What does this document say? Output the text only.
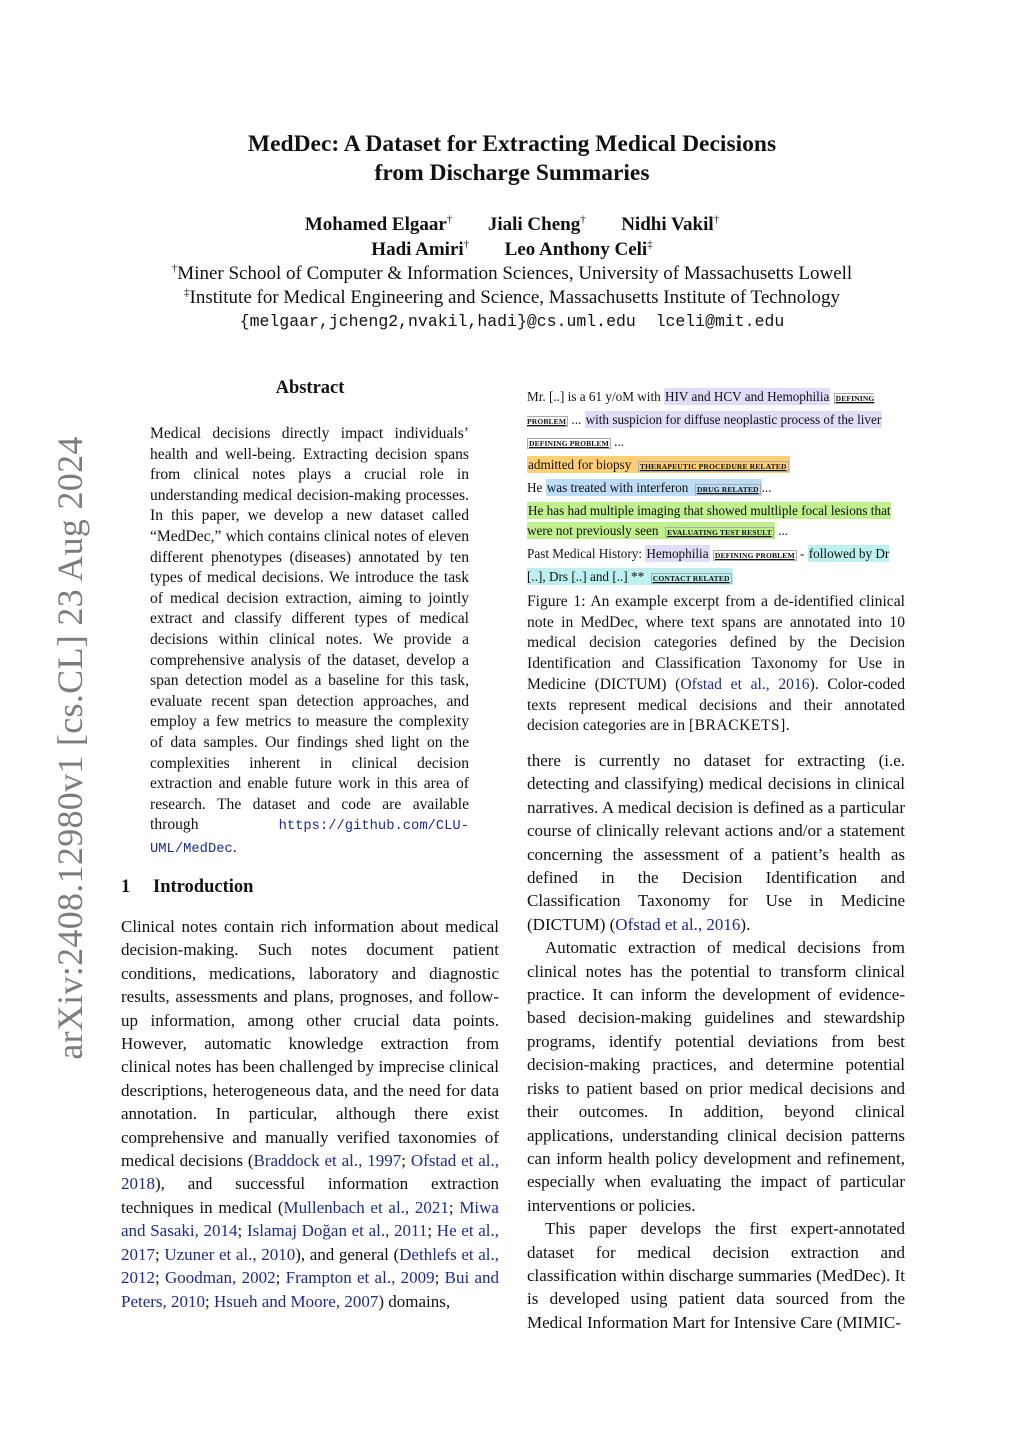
arXiv:2408.12980v1 [cs.CL] 23 Aug 2024
MedDec: A Dataset for Extracting Medical Decisions
from Discharge Summaries
Mohamed Elgaar† Jiali Cheng† Nidhi Vakil†
Hadi Amiri† Leo Anthony Celi‡
†Miner School of Computer & Information Sciences, University of Massachusetts Lowell
‡Institute for Medical Engineering and Science, Massachusetts Institute of Technology
{melgaar,jcheng2,nvakil,hadi}@cs.uml.edu  lceli@mit.edu
Abstract
Medical decisions directly impact individuals’ health and well-being. Extracting decision spans from clinical notes plays a crucial role in understanding medical decision-making processes. In this paper, we develop a new dataset called “MedDec,” which contains clinical notes of eleven different phenotypes (diseases) annotated by ten types of medical decisions. We introduce the task of medical decision extraction, aiming to jointly extract and classify different types of medical decisions within clinical notes. We provide a comprehensive analysis of the dataset, develop a span detection model as a baseline for this task, evaluate recent span detection approaches, and employ a few metrics to measure the complexity of data samples. Our findings shed light on the complexities inherent in clinical decision extraction and enable future work in this area of research. The dataset and code are available through https://github.com/CLU-UML/MedDec.
1 Introduction
Clinical notes contain rich information about medical decision-making. Such notes document patient conditions, medications, laboratory and diagnostic results, assessments and plans, prognoses, and follow-up information, among other crucial data points. However, automatic knowledge extraction from clinical notes has been challenged by imprecise clinical descriptions, heterogeneous data, and the need for data annotation. In particular, although there exist comprehensive and manually verified taxonomies of medical decisions (Braddock et al., 1997; Ofstad et al., 2018), and successful information extraction techniques in medical (Mullenbach et al., 2021; Miwa and Sasaki, 2014; Islamaj Doğan et al., 2011; He et al., 2017; Uzuner et al., 2010), and general (Dethlefs et al., 2012; Goodman, 2002; Frampton et al., 2009; Bui and Peters, 2010; Hsueh and Moore, 2007) domains,
Mr. [..] is a 61 y/oM with HIV and HCV and Hemophilia DEFINING PROBLEM ... with suspicion for diffuse neoplastic process of the liver DEFINING PROBLEM ...
admitted for biopsy THERAPEUTIC PROCEDURE RELATED
He was treated with interferon DRUG RELATED ...
He has had multiple imaging that showed multliple focal lesions that were not previously seen EVALUATING TEST RESULT ...
Past Medical History: Hemophilia DEFINING PROBLEM - followed by Dr [..], Drs [..] and [..] ** CONTACT RELATED
Figure 1: An example excerpt from a de-identified clinical note in MedDec, where text spans are annotated into 10 medical decision categories defined by the Decision Identification and Classification Taxonomy for Use in Medicine (DICTUM) (Ofstad et al., 2016). Color-coded texts represent medical decisions and their annotated decision categories are in [BRACKETS].

there is currently no dataset for extracting (i.e. detecting and classifying) medical decisions in clinical narratives. A medical decision is defined as a particular course of clinically relevant actions and/or a statement concerning the assessment of a patient’s health as defined in the Decision Identification and Classification Taxonomy for Use in Medicine (DICTUM) (Ofstad et al., 2016).

Automatic extraction of medical decisions from clinical notes has the potential to transform clinical practice. It can inform the development of evidence-based decision-making guidelines and stewardship programs, identify potential deviations from best decision-making practices, and determine potential risks to patient based on prior medical decisions and their outcomes. In addition, beyond clinical applications, understanding clinical decision patterns can inform health policy development and refinement, especially when evaluating the impact of particular interventions or policies.

This paper develops the first expert-annotated dataset for medical decision extraction and classification within discharge summaries (MedDec). It is developed using patient data sourced from the Medical Information Mart for Intensive Care (MIMIC-
